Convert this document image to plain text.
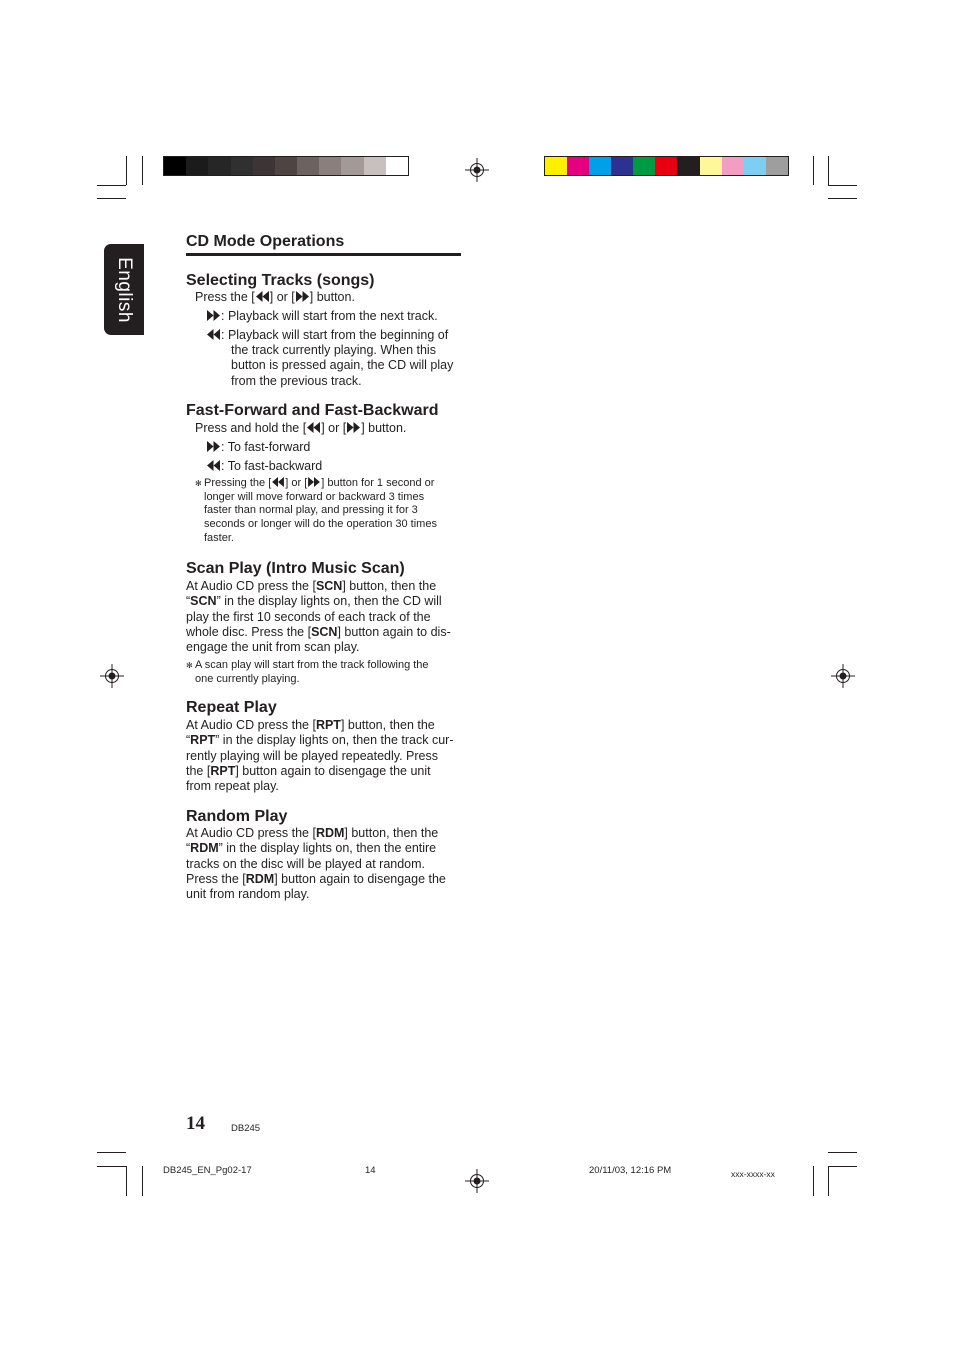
English
CD Mode Operations
Selecting Tracks (songs)
Press the [ ] or [ ] button.
: Playback will start from the next track.
: Playback will start from the beginning of
the track currently playing. When this
button is pressed again, the CD will play
from the previous track.
Fast-Forward and Fast-Backward
Press and hold the [ ] or [ ] button.
: To fast-forward
: To fast-backward
✻ Pressing the [ ] or [ ] button for 1 second or
longer will move forward or backward 3 times
faster than normal play, and pressing it for 3
seconds or longer will do the operation 30 times
faster.
Scan Play (Intro Music Scan)
At Audio CD press the [SCN] button, then the
“SCN” in the display lights on, then the CD will
play the first 10 seconds of each track of the
whole disc. Press the [SCN] button again to dis-
engage the unit from scan play.
✻ A scan play will start from the track following the
one currently playing.
Repeat Play
At Audio CD press the [RPT] button, then the
“RPT” in the display lights on, then the track cur-
rently playing will be played repeatedly. Press
the [RPT] button again to disengage the unit
from repeat play.
Random Play
At Audio CD press the [RDM] button, then the
“RDM” in the display lights on, then the entire
tracks on the disc will be played at random.
Press the [RDM] button again to disengage the
unit from random play.
14	DB245
DB245_EN_Pg02-17	14	20/11/03, 12:16 PM	xxx-xxxx-xx
